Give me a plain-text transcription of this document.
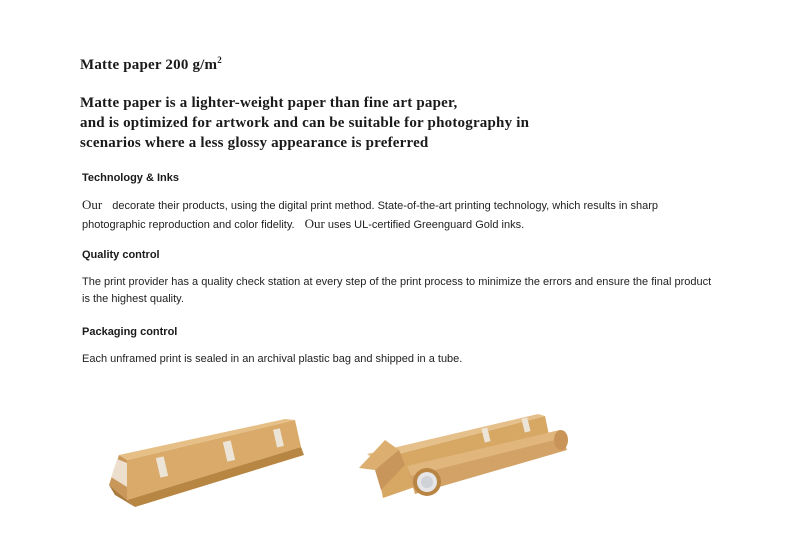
Matte paper 200 $g/m^2$
Matte paper is a lighter-weight paper than fine art paper,
and is optimized for artwork and can be suitable for photography in
scenarios where a less glossy appearance is preferred
Technology & Inks
Our decorate their products, using the digital print method. State-of-the-art printing technology, which results in sharp photographic reproduction and color fidelity. Our uses UL-certified Greenguard Gold inks.
Quality control
The print provider has a quality check station at every step of the print process to minimize the errors and ensure the final product is the highest quality.
Packaging control
Each unframed print is sealed in an archival plastic bag and shipped in a tube.
